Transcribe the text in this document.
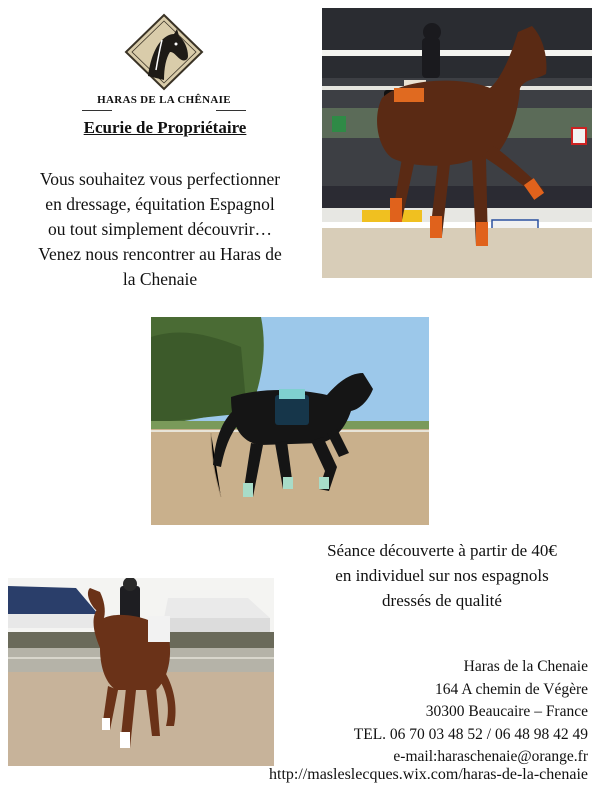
HARAS DE LA CHÊNAIE
Ecurie de Propriétaire
Vous souhaitez vous perfectionner
en dressage, équitation Espagnol
ou tout simplement découvrir…
Venez nous rencontrer au Haras de
la Chenaie
Séance découverte à partir de 40€
en individuel sur nos espagnols
dressés de qualité
Haras de la Chenaie
164 A chemin de Végère
30300 Beaucaire – France
TEL. 06 70 03 48 52 / 06 48 98 42 49
e-mail:haraschenaie@orange.fr
http://masleslecques.wix.com/haras-de-la-chenaie
